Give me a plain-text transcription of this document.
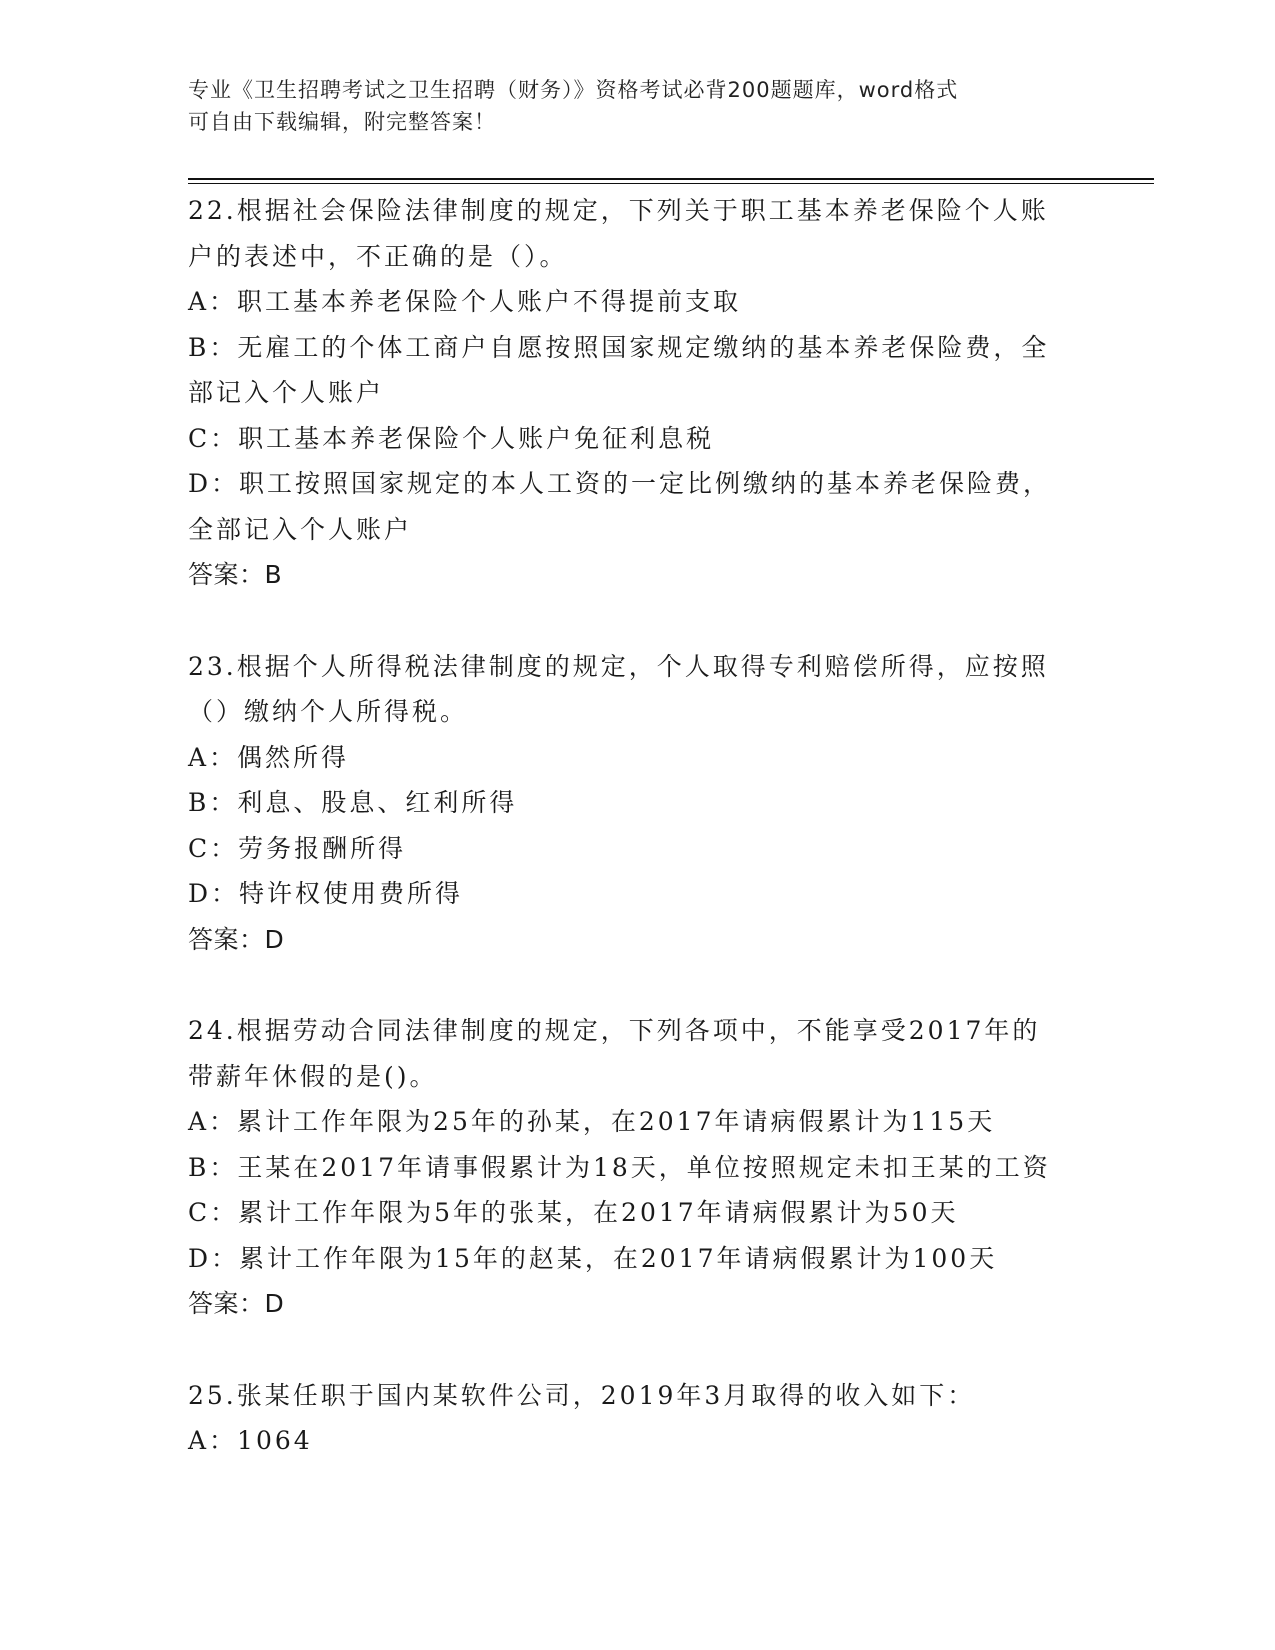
专业《卫生招聘考试之卫生招聘（财务）》资格考试必背200题题库，word格式
可自由下载编辑，附完整答案！
22.根据社会保险法律制度的规定，下列关于职工基本养老保险个人账
户的表述中，不正确的是（）。
A：职工基本养老保险个人账户不得提前支取
B：无雇工的个体工商户自愿按照国家规定缴纳的基本养老保险费，全
部记入个人账户
C：职工基本养老保险个人账户免征利息税
D：职工按照国家规定的本人工资的一定比例缴纳的基本养老保险费，
全部记入个人账户
答案：B
23.根据个人所得税法律制度的规定，个人取得专利赔偿所得，应按照
（）缴纳个人所得税。
A：偶然所得
B：利息、股息、红利所得
C：劳务报酬所得
D：特许权使用费所得
答案：D
24.根据劳动合同法律制度的规定，下列各项中，不能享受2017年的
带薪年休假的是()。
A：累计工作年限为25年的孙某，在2017年请病假累计为115天
B：王某在2017年请事假累计为18天，单位按照规定未扣王某的工资
C：累计工作年限为5年的张某，在2017年请病假累计为50天
D：累计工作年限为15年的赵某，在2017年请病假累计为100天
答案：D
25.张某任职于国内某软件公司，2019年3月取得的收入如下：
A：1064
